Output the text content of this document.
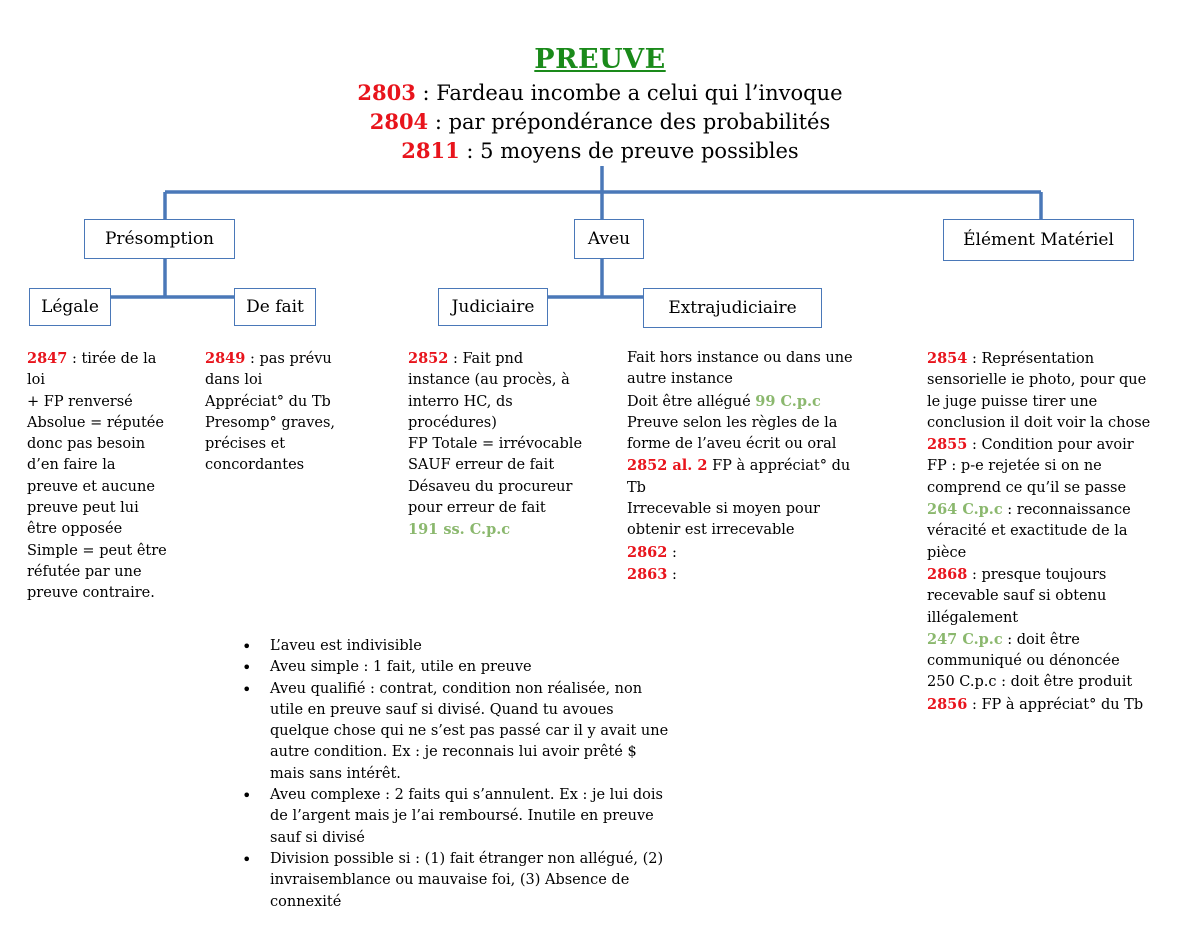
PREUVE
2803 : Fardeau incombe a celui qui l’invoque
2804 : par prépondérance des probabilités
2811 : 5 moyens de preuve possibles
Présomption	Aveu	Élément Matériel
Légale	De fait	Judiciaire	Extrajudiciaire
2847 : tirée de la
loi
+ FP renversé
Absolue = réputée
donc pas besoin
d’en faire la
preuve et aucune
preuve peut lui
être opposée
Simple = peut être
réfutée par une
preuve contraire.
2849 : pas prévu
dans loi
Appréciat° du Tb
Presomp° graves,
précises et
concordantes
2852 : Fait pnd
instance (au procès, à
interro HC, ds
procédures)
FP Totale = irrévocable
SAUF erreur de fait
Désaveu du procureur
pour erreur de fait
191 ss. C.p.c
Fait hors instance ou dans une
autre instance
Doit être allégué 99 C.p.c
Preuve selon les règles de la
forme de l’aveu écrit ou oral
2852 al. 2 FP à appréciat° du
Tb
Irrecevable si moyen pour
obtenir est irrecevable
2862 :
2863 :
2854 : Représentation
sensorielle ie photo, pour que
le juge puisse tirer une
conclusion il doit voir la chose
2855 : Condition pour avoir
FP : p-e rejetée si on ne
comprend ce qu’il se passe
264 C.p.c : reconnaissance
véracité et exactitude de la
pièce
2868 : presque toujours
recevable sauf si obtenu
illégalement
247 C.p.c : doit être
communiqué ou dénoncée
250 C.p.c : doit être produit
2856 : FP à appréciat° du Tb
• L’aveu est indivisible
• Aveu simple : 1 fait, utile en preuve
• Aveu qualifié : contrat, condition non réalisée, non
utile en preuve sauf si divisé. Quand tu avoues
quelque chose qui ne s’est pas passé car il y avait une
autre condition. Ex : je reconnais lui avoir prêté $
mais sans intérêt.
• Aveu complexe : 2 faits qui s’annulent. Ex : je lui dois
de l’argent mais je l’ai remboursé. Inutile en preuve
sauf si divisé
• Division possible si : (1) fait étranger non allégué, (2)
invraisemblance ou mauvaise foi, (3) Absence de
connexité
